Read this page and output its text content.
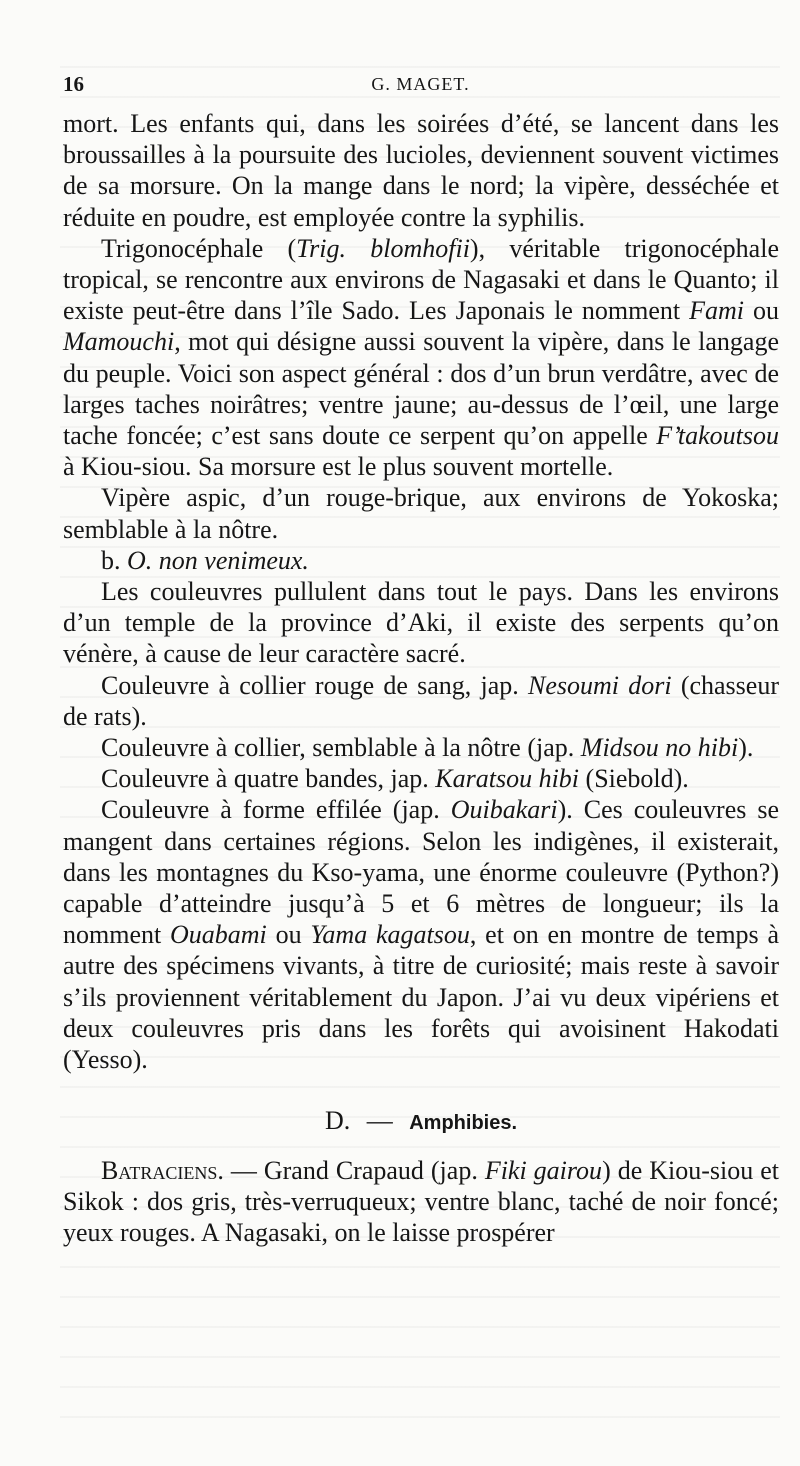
16	G. MAGET.

mort. Les enfants qui, dans les soirées d’été, se lancent dans les broussailles à la poursuite des lucioles, deviennent souvent victimes de sa morsure. On la mange dans le nord; la vipère, desséchée et réduite en poudre, est employée contre la syphilis.

Trigonocéphale (Trig. blomhofii), véritable trigonocéphale tropical, se rencontre aux environs de Nagasaki et dans le Quanto; il existe peut-être dans l’île Sado. Les Japonais le nomment Fami ou Mamouchi, mot qui désigne aussi souvent la vipère, dans le langage du peuple. Voici son aspect général : dos d’un brun verdâtre, avec de larges taches noirâtres; ventre jaune; au-dessus de l’œil, une large tache foncée; c’est sans doute ce serpent qu’on appelle F’takoutsou à Kiou-siou. Sa morsure est le plus souvent mortelle.

Vipère aspic, d’un rouge-brique, aux environs de Yokoska; semblable à la nôtre.

b. O. non venimeux.

Les couleuvres pullulent dans tout le pays. Dans les environs d’un temple de la province d’Aki, il existe des serpents qu’on vénère, à cause de leur caractère sacré.

Couleuvre à collier rouge de sang, jap. Nesoumi dori (chasseur de rats).

Couleuvre à collier, semblable à la nôtre (jap. Midsou no hibi).

Couleuvre à quatre bandes, jap. Karatsou hibi (Siebold).

Couleuvre à forme effilée (jap. Ouibakari). Ces couleuvres se mangent dans certaines régions. Selon les indigènes, il existerait, dans les montagnes du Kso-yama, une énorme couleuvre (Python?) capable d’atteindre jusqu’à 5 et 6 mètres de longueur; ils la nomment Ouabami ou Yama kagatsou, et on en montre de temps à autre des spécimens vivants, à titre de curiosité; mais reste à savoir s’ils proviennent véritablement du Japon. J’ai vu deux vipériens et deux couleuvres pris dans les forêts qui avoisinent Hakodati (Yesso).

D. — Amphibies.

Batraciens. — Grand Crapaud (jap. Fiki gairou) de Kiou-siou et Sikok : dos gris, très-verruqueux; ventre blanc, taché de noir foncé; yeux rouges. A Nagasaki, on le laisse prospérer
